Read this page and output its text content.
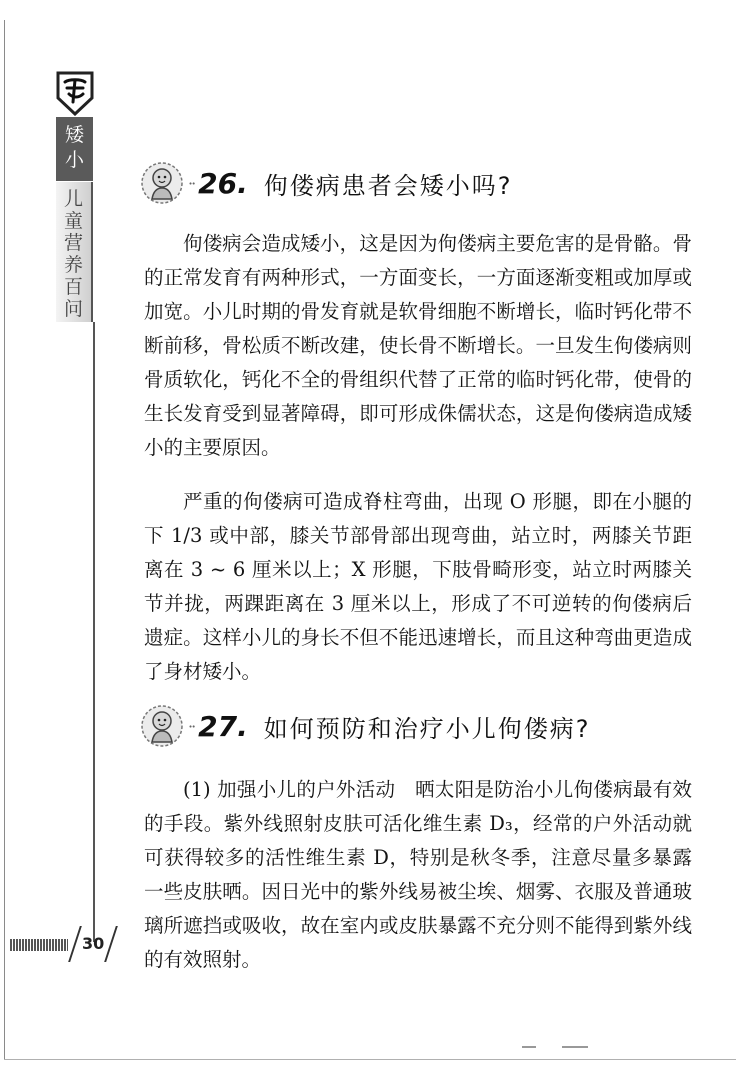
矮
小
儿
童
营
养
百
问
30
·· 26. 佝偻病患者会矮小吗?

佝偻病会造成矮小，这是因为佝偻病主要危害的是骨骼。骨的正常发育有两种形式，一方面变长，一方面逐渐变粗或加厚或加宽。小儿时期的骨发育就是软骨细胞不断增长，临时钙化带不断前移，骨松质不断改建，使长骨不断增长。一旦发生佝偻病则骨质软化，钙化不全的骨组织代替了正常的临时钙化带，使骨的生长发育受到显著障碍，即可形成侏儒状态，这是佝偻病造成矮小的主要原因。

严重的佝偻病可造成脊柱弯曲，出现 O 形腿，即在小腿的下 1/3 或中部，膝关节部骨部出现弯曲，站立时，两膝关节距离在 3 ~ 6 厘米以上；X 形腿，下肢骨畸形变，站立时两膝关节并拢，两踝距离在 3 厘米以上，形成了不可逆转的佝偻病后遗症。这样小儿的身长不但不能迅速增长，而且这种弯曲更造成了身材矮小。

·· 27. 如何预防和治疗小儿佝偻病?

(1) 加强小儿的户外活动　晒太阳是防治小儿佝偻病最有效的手段。紫外线照射皮肤可活化维生素 D₃，经常的户外活动就可获得较多的活性维生素 D，特别是秋冬季，注意尽量多暴露一些皮肤晒。因日光中的紫外线易被尘埃、烟雾、衣服及普通玻璃所遮挡或吸收，故在室内或皮肤暴露不充分则不能得到紫外线的有效照射。
